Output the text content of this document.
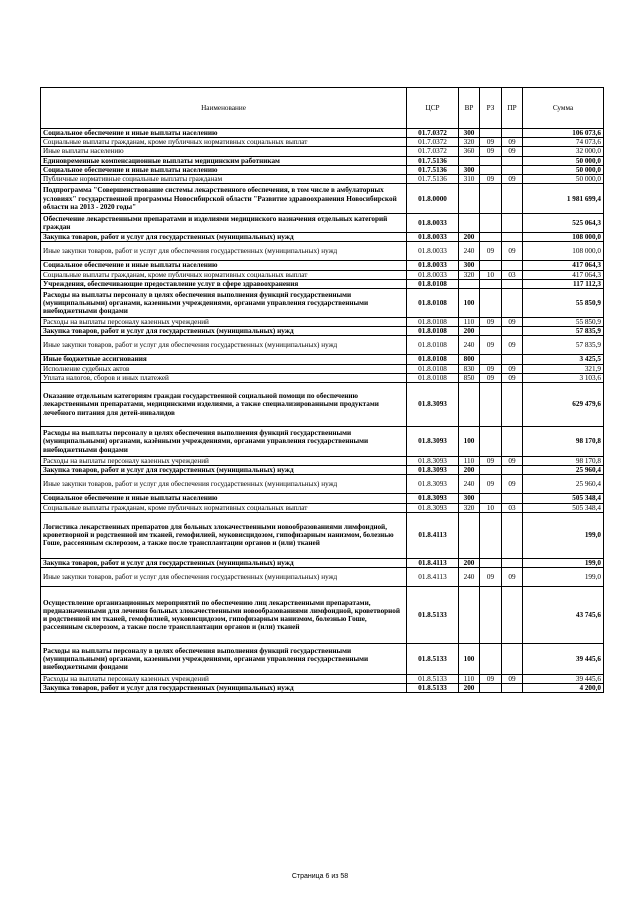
Наименование	ЦСР	ВР	РЗ	ПР	Сумма
Социальное обеспечение и иные выплаты населению	01.7.0372	300			106 073,6
Социальные выплаты гражданам, кроме публичных нормативных социальных выплат	01.7.0372	320	09	09	74 073,6
Иные выплаты населению	01.7.0372	360	09	09	32 000,0
Единовременные компенсационные выплаты медицинским работникам	01.7.5136				50 000,0
Социальное обеспечение и иные выплаты населению	01.7.5136	300			50 000,0
Публичные нормативные социальные выплаты гражданам	01.7.5136	310	09	09	50 000,0
Подпрограмма "Совершенствование системы лекарственного обеспечения, в том числе в амбулаторных условиях" государственной программы Новосибирской области "Развитие здравоохранения Новосибирской области на 2013 - 2020 годы"	01.8.0000				1 981 699,4
Обеспечение лекарственными препаратами и изделиями медицинского назначения отдельных категорий граждан	01.8.0033				525 064,3
Закупка товаров, работ и услуг для государственных (муниципальных) нужд	01.8.0033	200			108 000,0
Иные закупки товаров, работ и услуг для обеспечения государственных (муниципальных) нужд	01.8.0033	240	09	09	108 000,0
Социальное обеспечение и иные выплаты населению	01.8.0033	300			417 064,3
Социальные выплаты гражданам, кроме публичных нормативных социальных выплат	01.8.0033	320	10	03	417 064,3
Учреждения, обеспечивающие предоставление услуг в сфере здравоохранения	01.8.0108				117 112,3
Расходы на выплаты персоналу в целях обеспечения выполнения функций государственными (муниципальными) органами, казенными учреждениями, органами управления государственными внебюджетными фондами	01.8.0108	100			55 850,9
Расходы на выплаты персоналу казенных учреждений	01.8.0108	110	09	09	55 850,9
Закупка товаров, работ и услуг для государственных (муниципальных) нужд	01.8.0108	200			57 835,9
Иные закупки товаров, работ и услуг для обеспечения государственных (муниципальных) нужд	01.8.0108	240	09	09	57 835,9
Иные бюджетные ассигнования	01.8.0108	800			3 425,5
Исполнение судебных актов	01.8.0108	830	09	09	321,9
Уплата налогов, сборов и иных платежей	01.8.0108	850	09	09	3 103,6
Оказание отдельным категориям граждан государственной социальной помощи по обеспечению лекарственными препаратами, медицинскими изделиями, а также специализированными продуктами лечебного питания для детей-инвалидов	01.8.3093				629 479,6
Расходы на выплаты персоналу в целях обеспечения выполнения функций государственными (муниципальными) органами, казёнными учреждениями, органами управления государственными внебюджетными фондами	01.8.3093	100			98 170,8
Расходы на выплаты персоналу казенных учреждений	01.8.3093	110	09	09	98 170,8
Закупка товаров, работ и услуг для государственных (муниципальных) нужд	01.8.3093	200			25 960,4
Иные закупки товаров, работ и услуг для обеспечения государственных (муниципальных) нужд	01.8.3093	240	09	09	25 960,4
Социальное обеспечение и иные выплаты населению	01.8.3093	300			505 348,4
Социальные выплаты гражданам, кроме публичных нормативных социальных выплат	01.8.3093	320	10	03	505 348,4
Логистика лекарственных препаратов для больных злокачественными новообразованиями лимфоидной, кроветворной и родственной им тканей, гемофилией, муковисцидозом, гипофизарным нанизмом, болезнью Гоше, рассеянным склерозом, а также после трансплантации органов и (или) тканей	01.8.4113				199,0
Закупка товаров, работ и услуг для государственных (муниципальных) нужд	01.8.4113	200			199,0
Иные закупки товаров, работ и услуг для обеспечения государственных (муниципальных) нужд	01.8.4113	240	09	09	199,0
Осуществление организационных мероприятий по обеспечению лиц лекарственными препаратами, предназначенными для лечения больных злокачественными новообразованиями лимфоидной, кроветворной и родственной им тканей, гемофилией, муковисцидозом, гипофизарным нанизмом, болезнью Гоше, рассеянным склерозом, а также после трансплантации органов и (или) тканей	01.8.5133				43 745,6
Расходы на выплаты персоналу в целях обеспечения выполнения функций государственными (муниципальными) органами, казенными учреждениями, органами управления государственными внебюджетными фондами	01.8.5133	100			39 445,6
Расходы на выплаты персоналу казенных учреждений	01.8.5133	110	09	09	39 445,6
Закупка товаров, работ и услуг для государственных (муниципальных) нужд	01.8.5133	200			4 200,0
Страница 6 из 58
